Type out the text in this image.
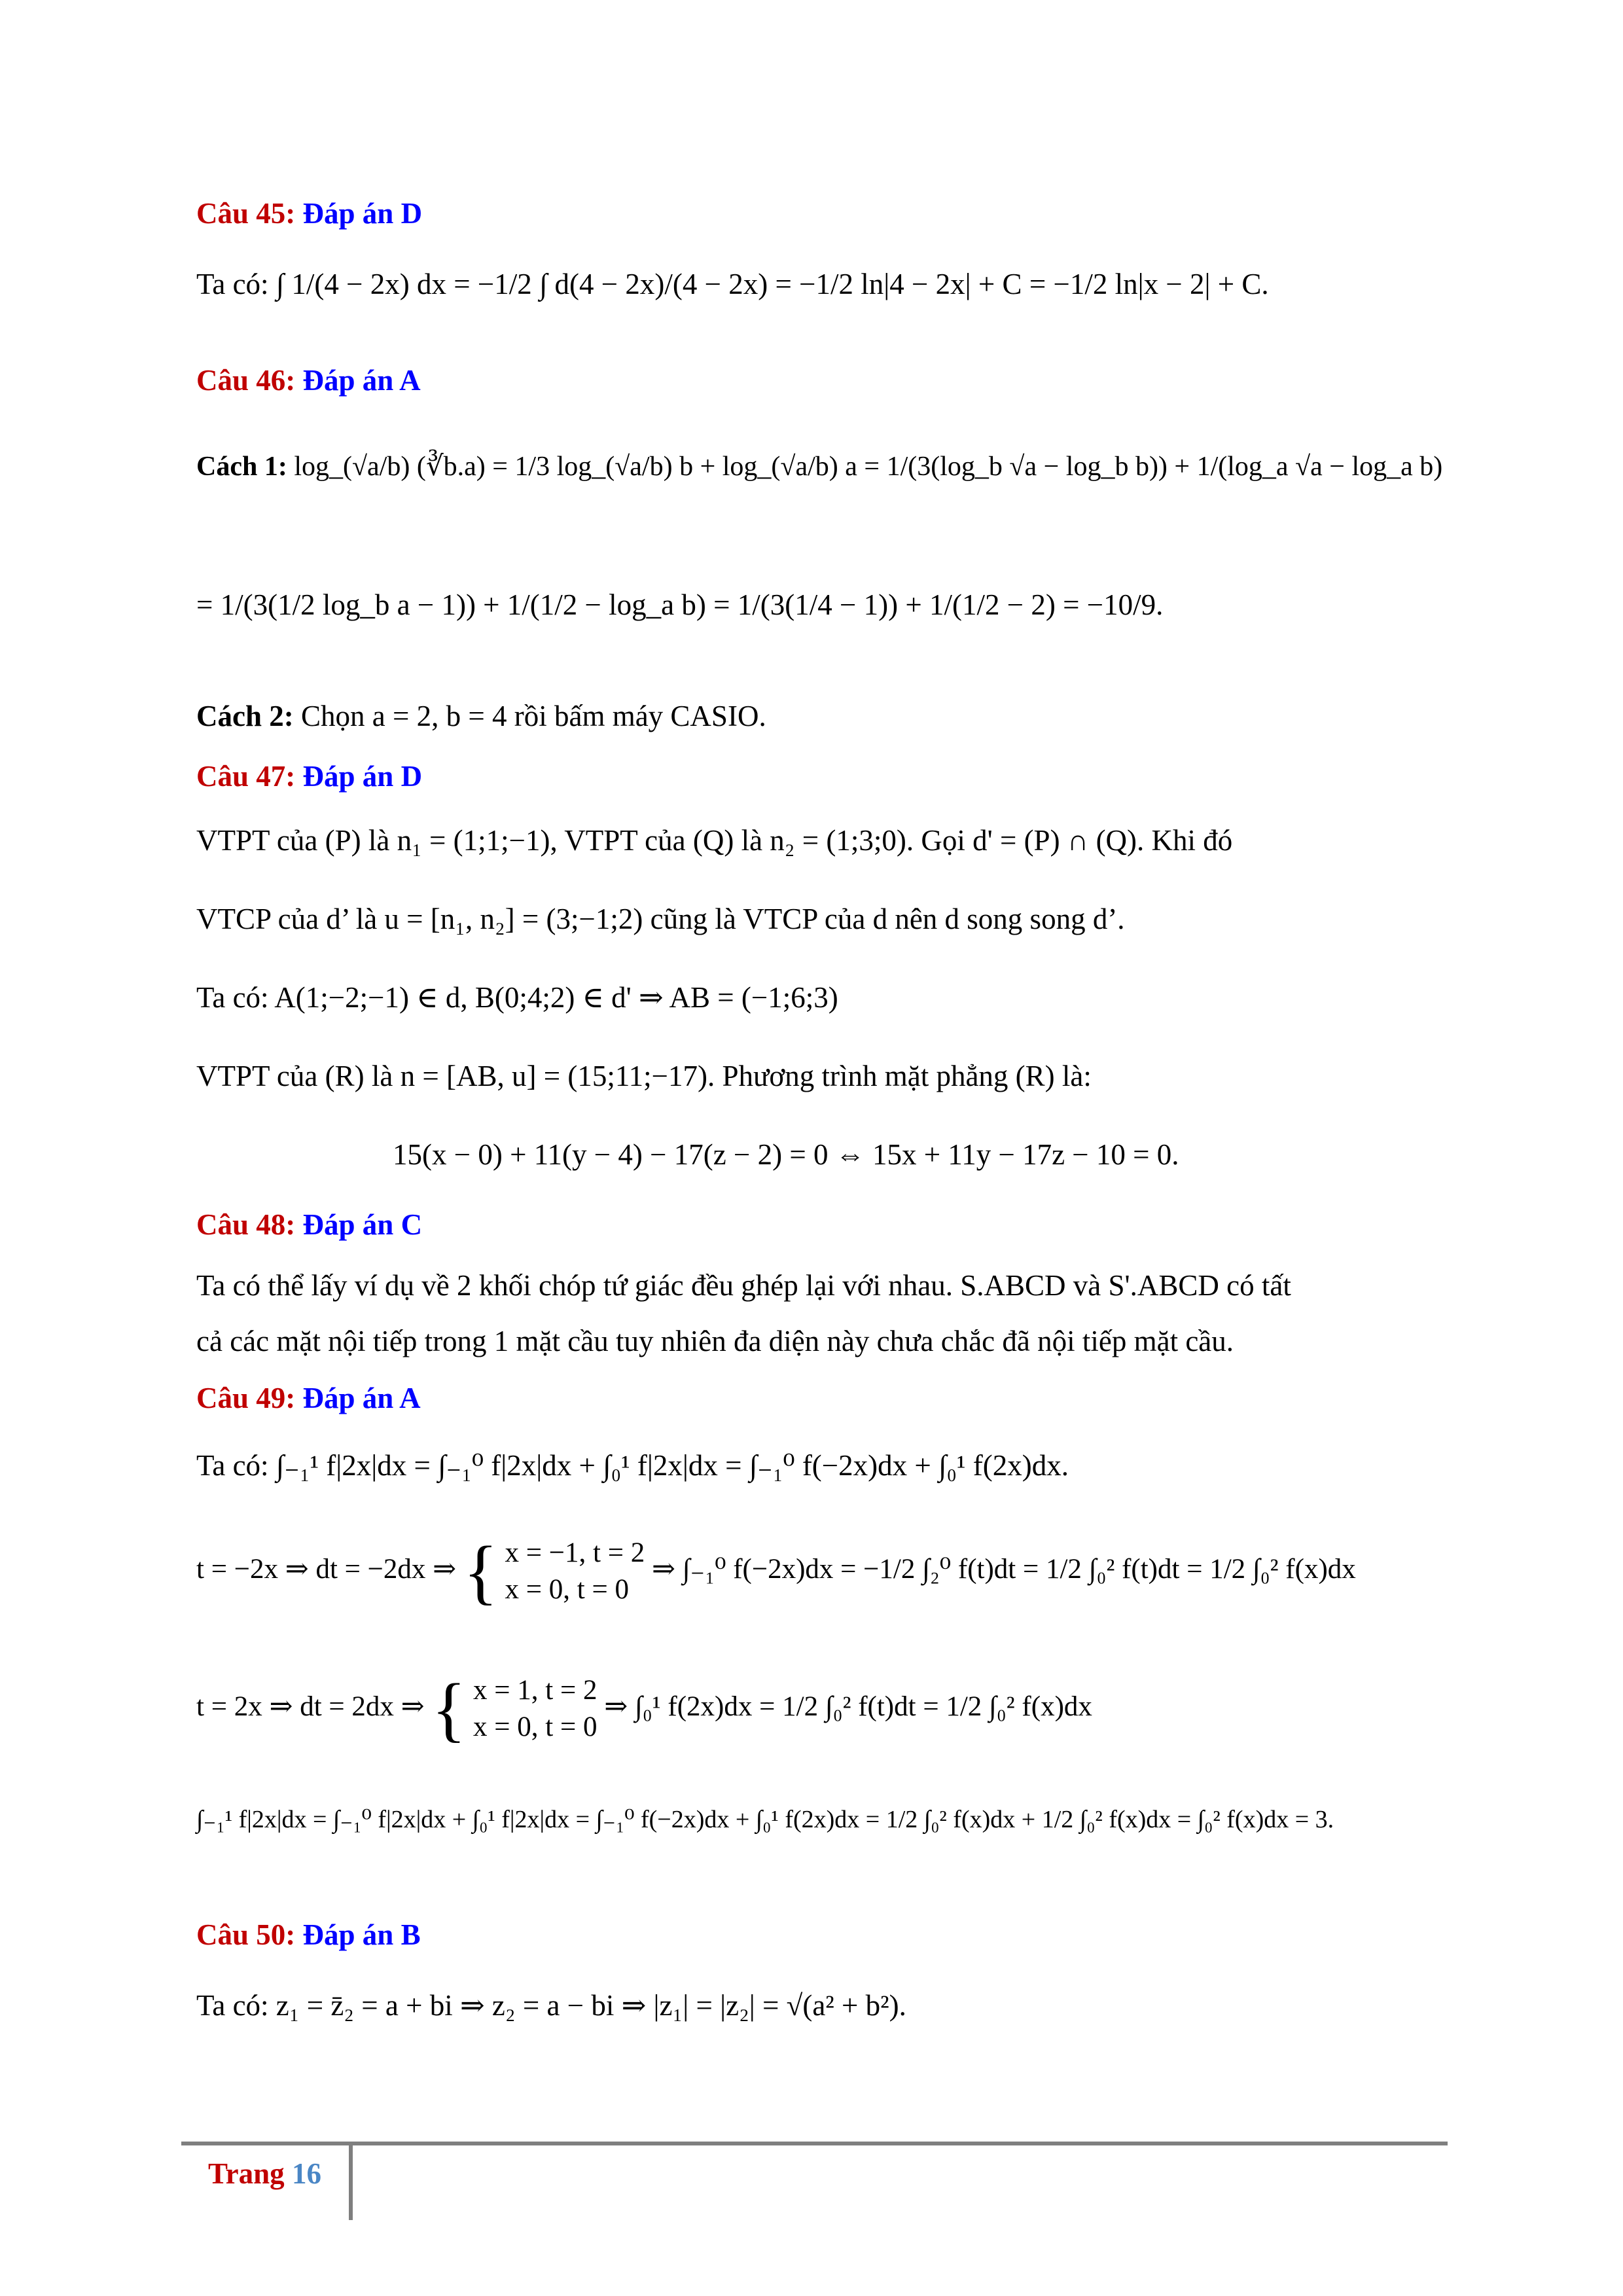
Câu 45: Đáp án D
Ta có: ∫ 1/(4 − 2x) dx = −1/2 ∫ d(4 − 2x)/(4 − 2x) = −1/2 ln|4 − 2x| + C = −1/2 ln|x − 2| + C.
Câu 46: Đáp án A
Cách 1: log_(√a/b) (∛b.a) = 1/3 log_(√a/b) b + log_(√a/b) a = 1/(3(log_b √a − log_b b)) + 1/(log_a √a − log_a b)
= 1/(3(1/2 log_b a − 1)) + 1/(1/2 − log_a b) = 1/(3(1/4 − 1)) + 1/(1/2 − 2) = −10/9.
Cách 2: Chọn a = 2, b = 4 rồi bấm máy CASIO.
Câu 47: Đáp án D
VTPT của (P) là n₁ = (1;1;−1), VTPT của (Q) là n₂ = (1;3;0). Gọi d' = (P) ∩ (Q). Khi đó
VTCP của d’ là u = [n₁, n₂] = (3;−1;2) cũng là VTCP của d nên d song song d’.
Ta có: A(1;−2;−1) ∈ d, B(0;4;2) ∈ d' ⇒ AB = (−1;6;3)
VTPT của (R) là n = [AB, u] = (15;11;−17). Phương trình mặt phẳng (R) là:
15(x − 0) + 11(y − 4) − 17(z − 2) = 0 ⇔ 15x + 11y − 17z − 10 = 0.
Câu 48: Đáp án C
Ta có thể lấy ví dụ về 2 khối chóp tứ giác đều ghép lại với nhau. S.ABCD và S'.ABCD có tất
cả các mặt nội tiếp trong 1 mặt cầu tuy nhiên đa diện này chưa chắc đã nội tiếp mặt cầu.
Câu 49: Đáp án A
Ta có: ∫₋₁¹ f|2x|dx = ∫₋₁⁰ f|2x|dx + ∫₀¹ f|2x|dx = ∫₋₁⁰ f(−2x)dx + ∫₀¹ f(2x)dx.
t = −2x ⇒ dt = −2dx ⇒ { x = −1, t = 2
x = 0, t = 0
⇒ ∫₋₁⁰ f(−2x)dx = −1/2 ∫₂⁰ f(t)dt = 1/2 ∫₀² f(t)dt = 1/2 ∫₀² f(x)dx
t = 2x ⇒ dt = 2dx ⇒ { x = 1, t = 2
x = 0, t = 0
⇒ ∫₀¹ f(2x)dx = 1/2 ∫₀² f(t)dt = 1/2 ∫₀² f(x)dx
∫₋₁¹ f|2x|dx = ∫₋₁⁰ f|2x|dx + ∫₀¹ f|2x|dx = ∫₋₁⁰ f(−2x)dx + ∫₀¹ f(2x)dx = 1/2 ∫₀² f(x)dx + 1/2 ∫₀² f(x)dx = ∫₀² f(x)dx = 3.
Câu 50: Đáp án B
Ta có: z₁ = z̄₂ = a + bi ⇒ z₂ = a − bi ⇒ |z₁| = |z₂| = √(a² + b²).
Trang 16
